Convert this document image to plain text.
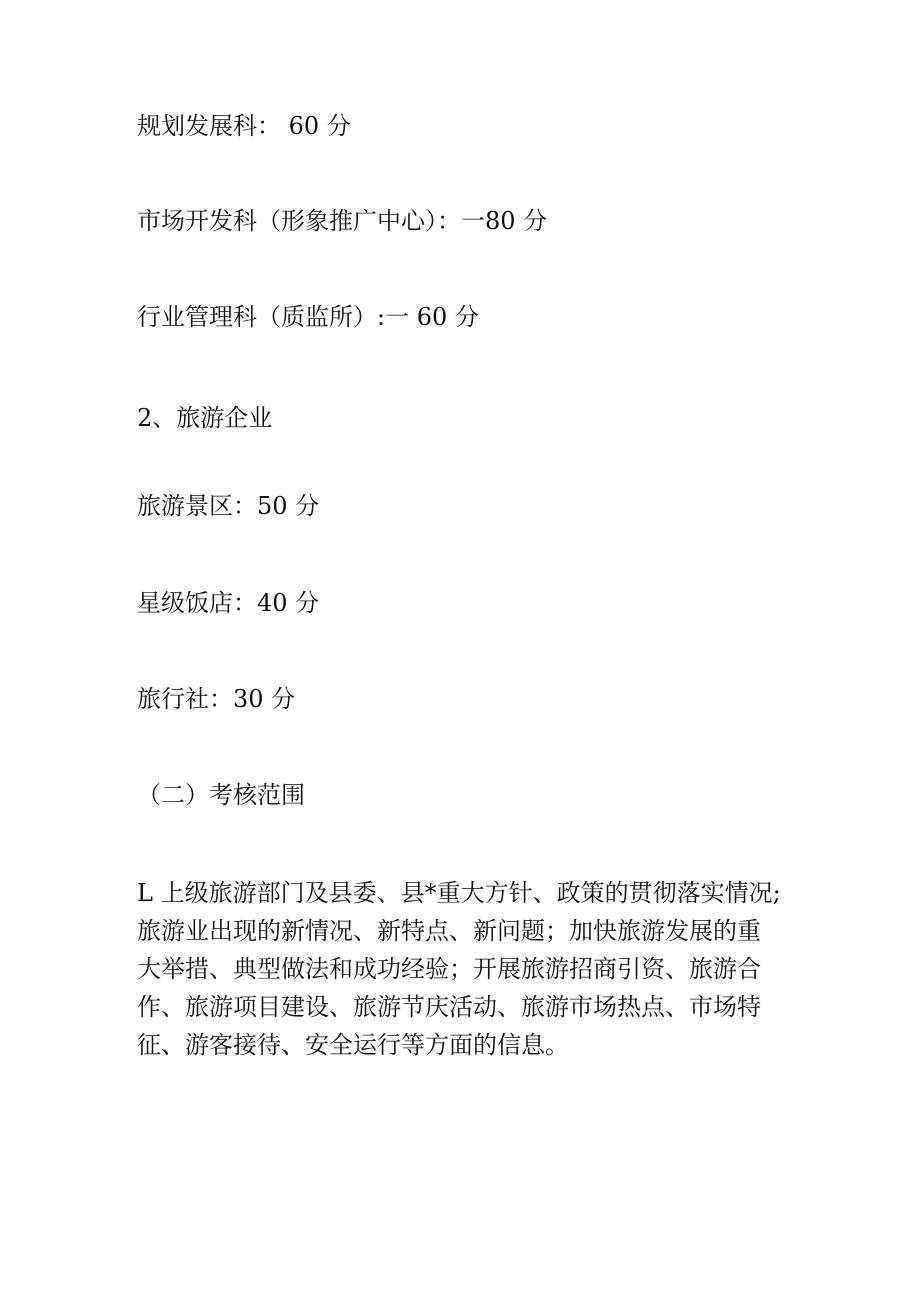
规划发展科： 60 分
市场开发科（形象推广中心）：一80 分
行业管理科（质监所）:一 60 分
2、旅游企业
旅游景区：50 分
星级饭店：40 分
旅行社：30 分
（二）考核范围
L 上级旅游部门及县委、县*重大方针、政策的贯彻落实情况;
旅游业出现的新情况、新特点、新问题；加快旅游发展的重
大举措、典型做法和成功经验；开展旅游招商引资、旅游合
作、旅游项目建设、旅游节庆活动、旅游市场热点、市场特
征、游客接待、安全运行等方面的信息。
